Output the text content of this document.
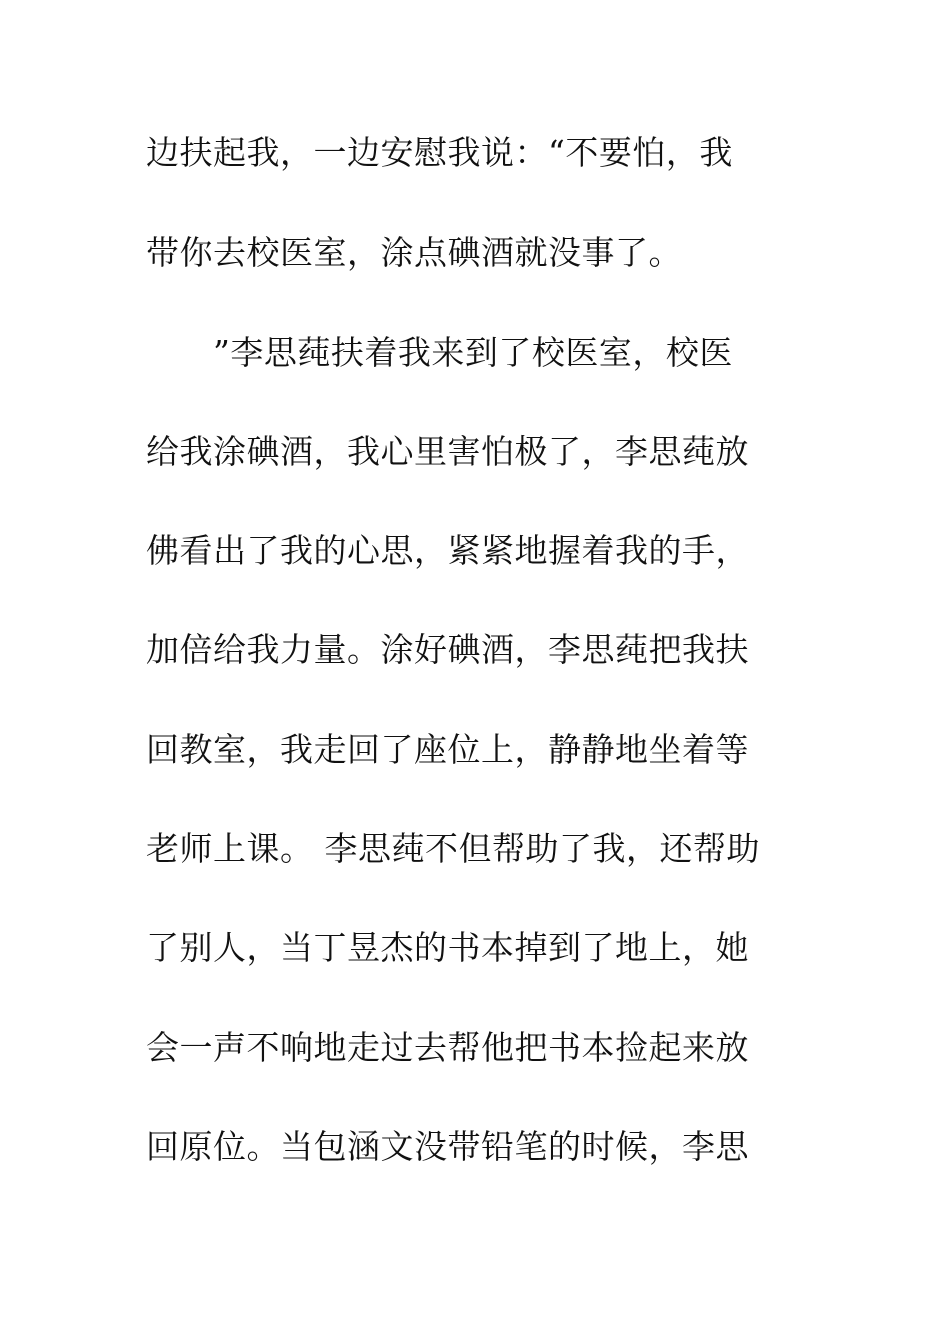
边扶起我，一边安慰我说：“不要怕，我

带你去校医室，涂点碘酒就没事了。

　　”李思莼扶着我来到了校医室，校医

给我涂碘酒，我心里害怕极了，李思莼放

佛看出了我的心思，紧紧地握着我的手，

加倍给我力量。涂好碘酒，李思莼把我扶

回教室，我走回了座位上，静静地坐着等

老师上课。 李思莼不但帮助了我，还帮助

了别人，当丁昱杰的书本掉到了地上，她

会一声不响地走过去帮他把书本捡起来放

回原位。当包涵文没带铅笔的时候，李思
